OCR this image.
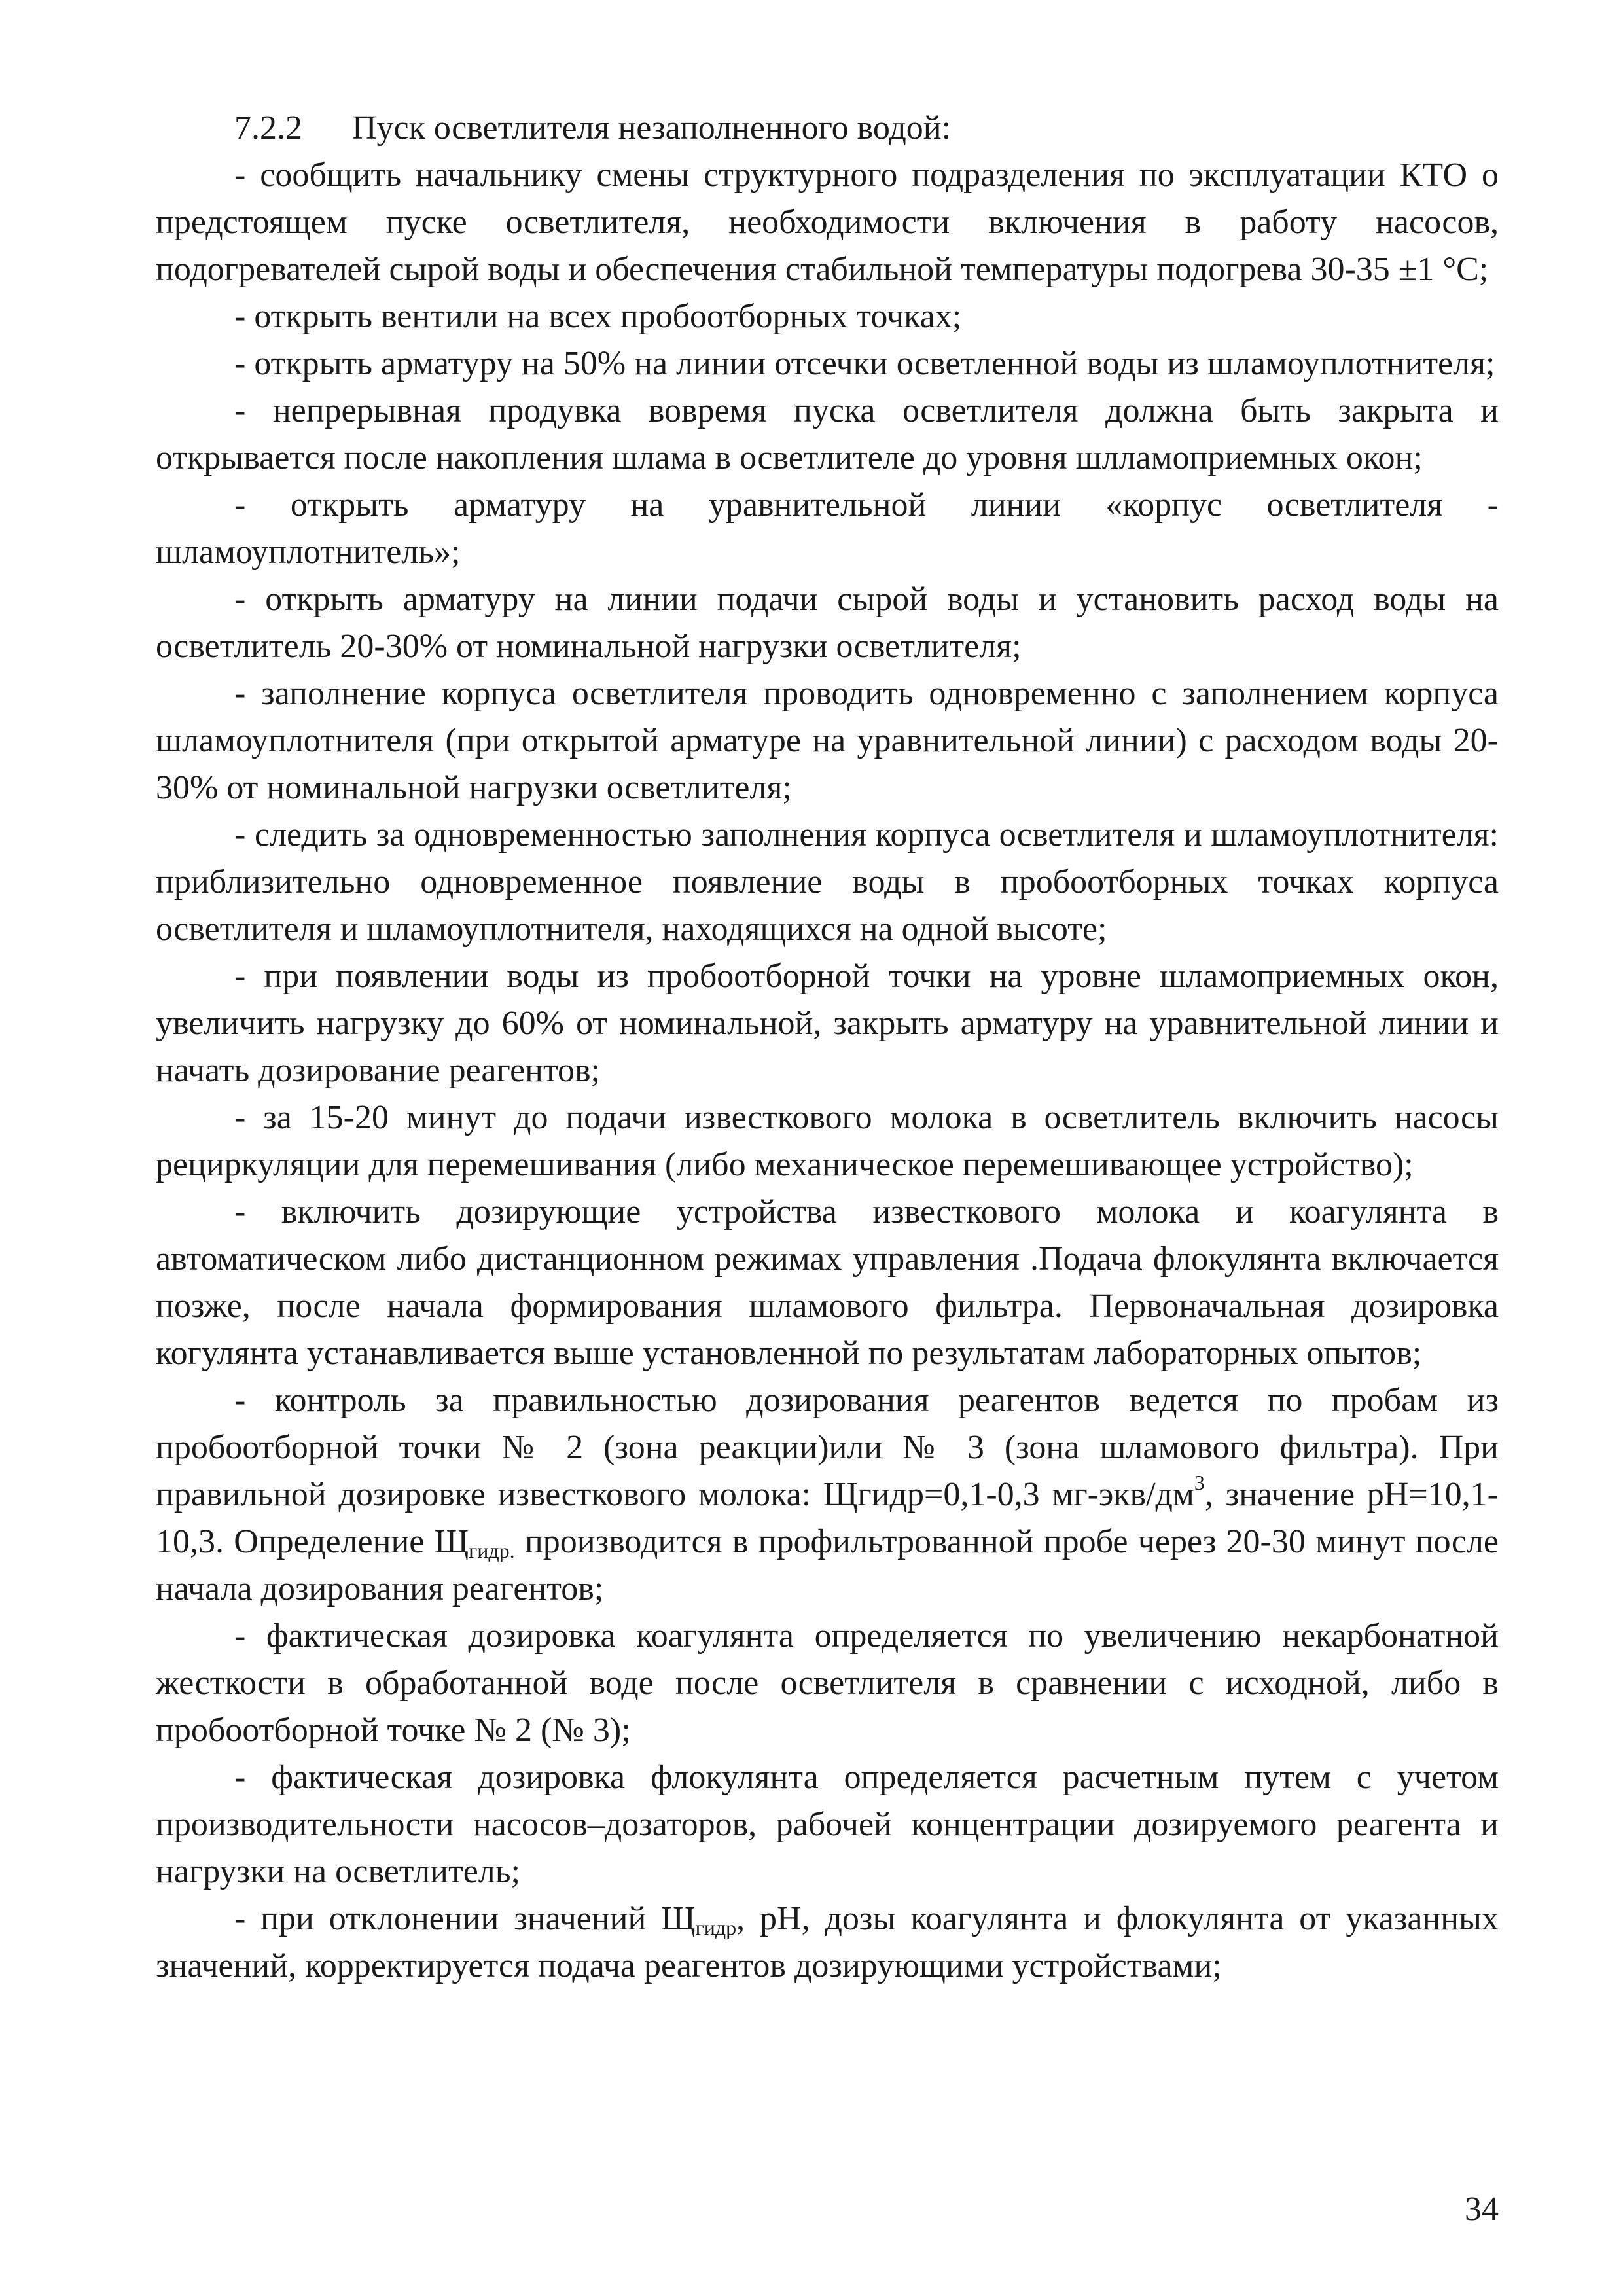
7.2.2 Пуск осветлителя незаполненного водой:

- сообщить начальнику смены структурного подразделения по эксплуатации КТО о предстоящем пуске осветлителя, необходимости включения в работу насосов, подогревателей сырой воды и обеспечения стабильной температуры подогрева 30-35 ±1 °С;

- открыть вентили на всех пробоотборных точках;

- открыть арматуру на 50% на линии отсечки осветленной воды из шламоуплотнителя;

- непрерывная продувка вовремя пуска осветлителя должна быть закрыта и открывается после накопления шлама в осветлителе до уровня шлламоприемных окон;

- открыть арматуру на уравнительной линии «корпус осветлителя - шламоуплотнитель»;

- открыть арматуру на линии подачи сырой воды и установить расход воды на осветлитель 20-30% от номинальной нагрузки осветлителя;

- заполнение корпуса осветлителя проводить одновременно с заполнением корпуса шламоуплотнителя (при открытой арматуре на уравнительной линии) с расходом воды 20-30% от номинальной нагрузки осветлителя;

- следить за одновременностью заполнения корпуса осветлителя и шламоуплотнителя: приблизительно одновременное появление воды в пробоотборных точках корпуса осветлителя и шламоуплотнителя, находящихся на одной высоте;

- при появлении воды из пробоотборной точки на уровне шламоприемных окон, увеличить нагрузку до 60% от номинальной, закрыть арматуру на уравнительной линии и начать дозирование реагентов;

- за 15-20 минут до подачи известкового молока в осветлитель включить насосы рециркуляции для перемешивания (либо механическое перемешивающее устройство);

- включить дозирующие устройства известкового молока и коагулянта в автоматическом либо дистанционном режимах управления .Подача флокулянта включается позже, после начала формирования шламового фильтра. Первоначальная дозировка когулянта устанавливается выше установленной по результатам лабораторных опытов;

- контроль за правильностью дозирования реагентов ведется по пробам из пробоотборной точки № 2 (зона реакции)или № 3 (зона шламового фильтра). При правильной дозировке известкового молока: Щгидр=0,1-0,3 $мг-экв/дм^3$, значение рН=10,1-10,3. Определение $Щ_{гидр.}$ производится в профильтрованной пробе через 20-30 минут после начала дозирования реагентов;

- фактическая дозировка коагулянта определяется по увеличению некарбонатной жесткости в обработанной воде после осветлителя в сравнении с исходной, либо в пробоотборной точке № 2 (№ 3);

- фактическая дозировка флокулянта определяется расчетным путем с учетом производительности насосов–дозаторов, рабочей концентрации дозируемого реагента и нагрузки на осветлитель;

- при отклонении значений $Щ_{гидр}$, рН, дозы коагулянта и флокулянта от указанных значений, корректируется подача реагентов дозирующими устройствами;

34
